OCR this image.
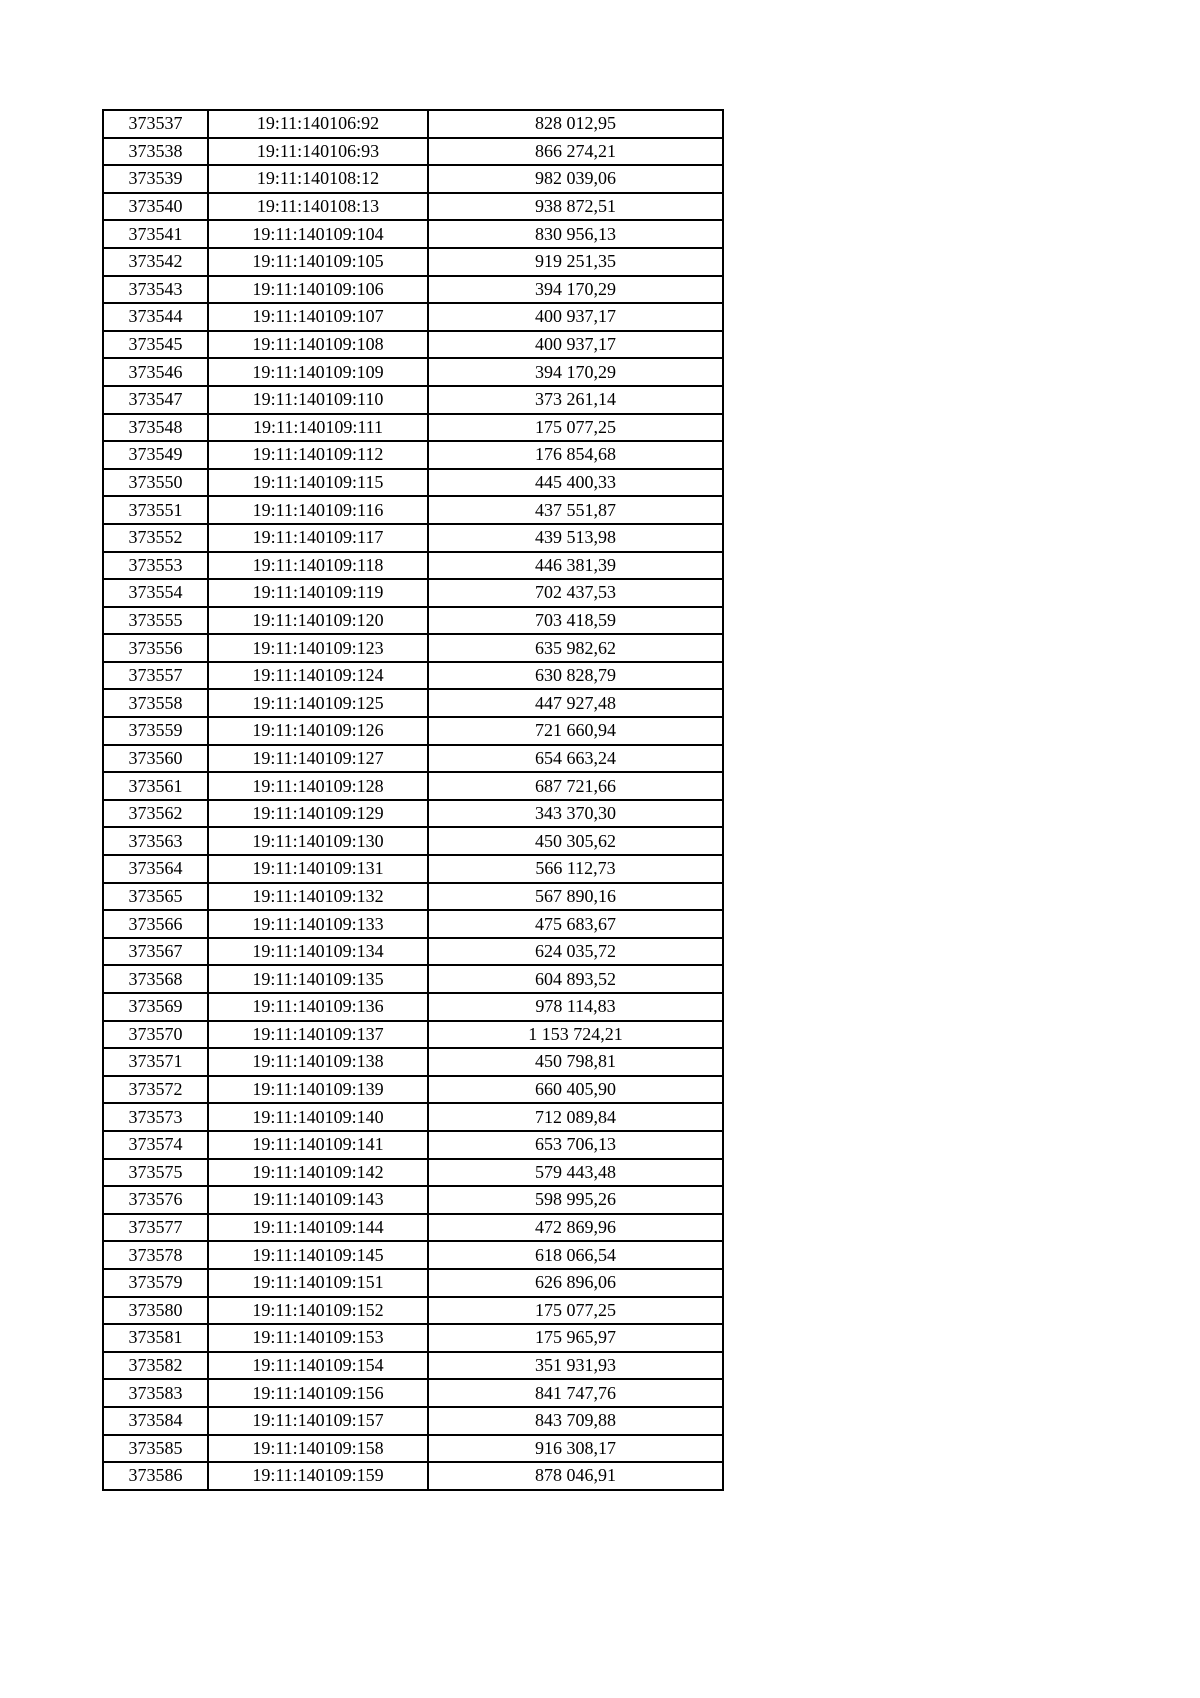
373537	19:11:140106:92	828 012,95
373538	19:11:140106:93	866 274,21
373539	19:11:140108:12	982 039,06
373540	19:11:140108:13	938 872,51
373541	19:11:140109:104	830 956,13
373542	19:11:140109:105	919 251,35
373543	19:11:140109:106	394 170,29
373544	19:11:140109:107	400 937,17
373545	19:11:140109:108	400 937,17
373546	19:11:140109:109	394 170,29
373547	19:11:140109:110	373 261,14
373548	19:11:140109:111	175 077,25
373549	19:11:140109:112	176 854,68
373550	19:11:140109:115	445 400,33
373551	19:11:140109:116	437 551,87
373552	19:11:140109:117	439 513,98
373553	19:11:140109:118	446 381,39
373554	19:11:140109:119	702 437,53
373555	19:11:140109:120	703 418,59
373556	19:11:140109:123	635 982,62
373557	19:11:140109:124	630 828,79
373558	19:11:140109:125	447 927,48
373559	19:11:140109:126	721 660,94
373560	19:11:140109:127	654 663,24
373561	19:11:140109:128	687 721,66
373562	19:11:140109:129	343 370,30
373563	19:11:140109:130	450 305,62
373564	19:11:140109:131	566 112,73
373565	19:11:140109:132	567 890,16
373566	19:11:140109:133	475 683,67
373567	19:11:140109:134	624 035,72
373568	19:11:140109:135	604 893,52
373569	19:11:140109:136	978 114,83
373570	19:11:140109:137	1 153 724,21
373571	19:11:140109:138	450 798,81
373572	19:11:140109:139	660 405,90
373573	19:11:140109:140	712 089,84
373574	19:11:140109:141	653 706,13
373575	19:11:140109:142	579 443,48
373576	19:11:140109:143	598 995,26
373577	19:11:140109:144	472 869,96
373578	19:11:140109:145	618 066,54
373579	19:11:140109:151	626 896,06
373580	19:11:140109:152	175 077,25
373581	19:11:140109:153	175 965,97
373582	19:11:140109:154	351 931,93
373583	19:11:140109:156	841 747,76
373584	19:11:140109:157	843 709,88
373585	19:11:140109:158	916 308,17
373586	19:11:140109:159	878 046,91
